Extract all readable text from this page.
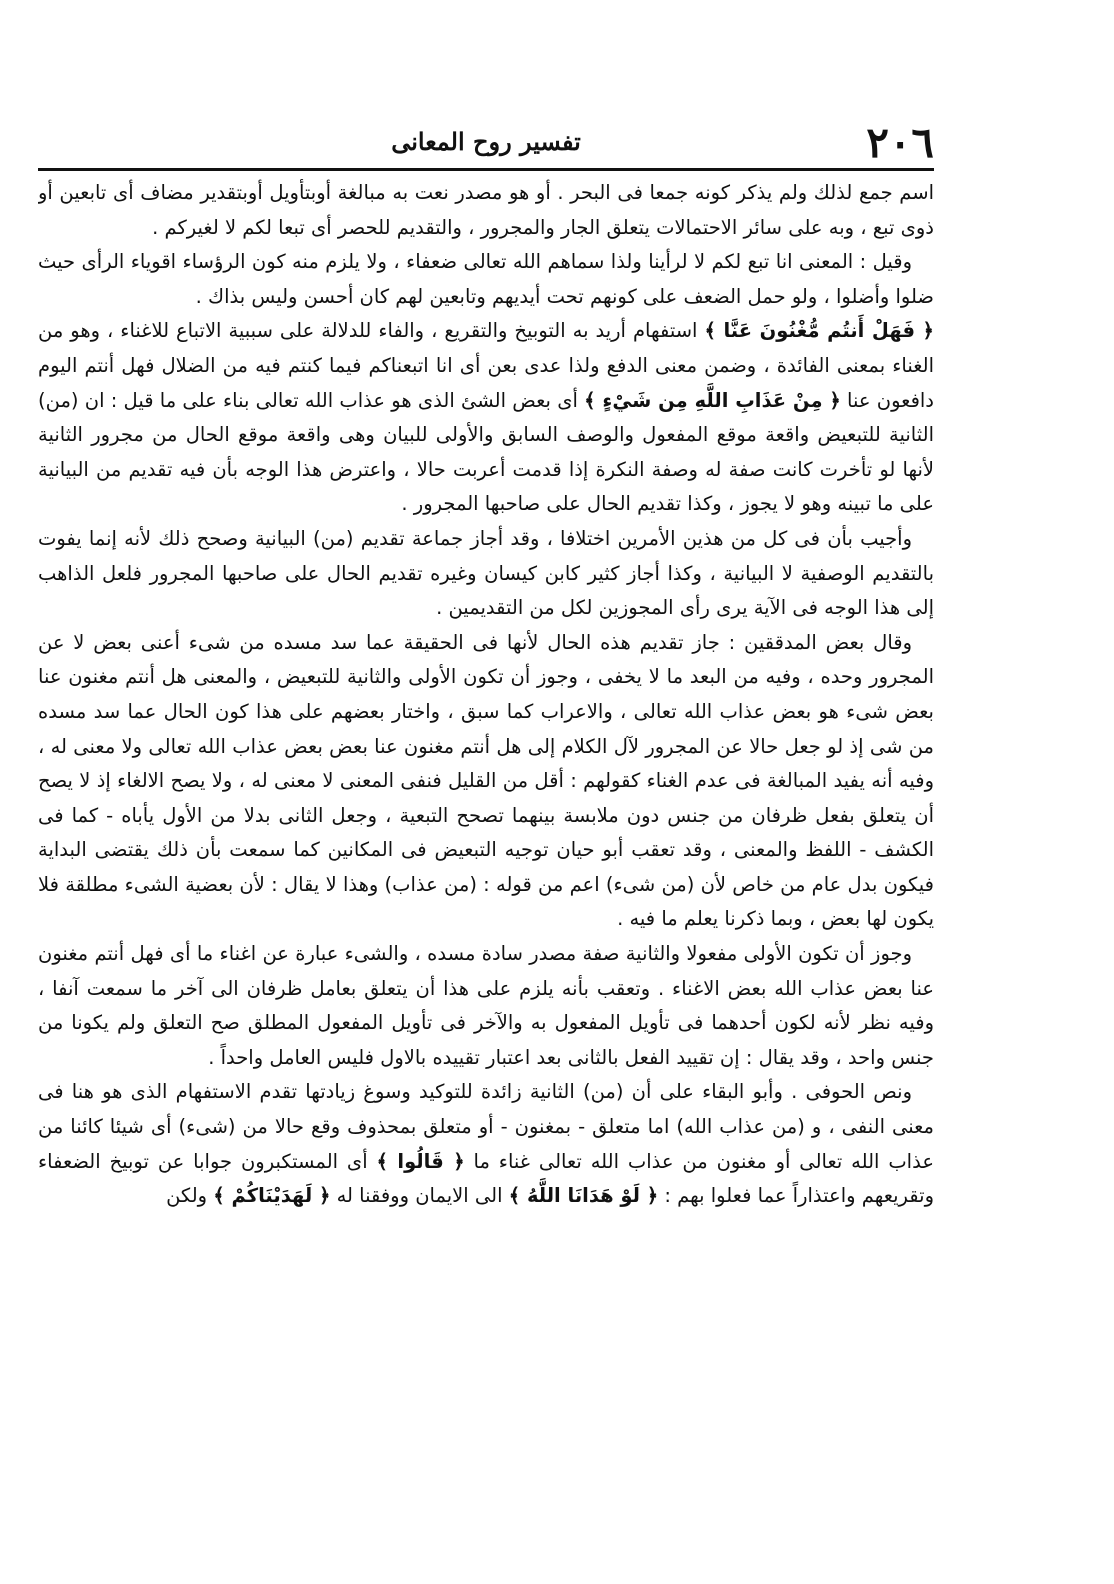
٢٠٦
تفسير روح المعانى

اسم جمع لذلك ولم يذكر كونه جمعا فى البحر . أو هو مصدر نعت به مبالغة أوبتأويل أوبتقدير مضاف أى تابعين أو ذوى تبع ، وبه على سائر الاحتمالات يتعلق الجار والمجرور ، والتقديم للحصر أى تبعا لكم لا لغيركم .

وقيل : المعنى انا تبع لكم لا لرأينا ولذا سماهم الله تعالى ضعفاء ، ولا يلزم منه كون الرؤساء اقوياء الرأى حيث ضلوا وأضلوا ، ولو حمل الضعف على كونهم تحت أيديهم وتابعين لهم كان أحسن وليس بذاك .

﴿ فَهَلْ أَنتُم مُّغْنُونَ عَنَّا ﴾ استفهام أريد به التوبيخ والتقريع ، والفاء للدلالة على سببية الاتباع للاغناء ، وهو من الغناء بمعنى الفائدة ، وضمن معنى الدفع ولذا عدى بعن أى انا اتبعناكم فيما كنتم فيه من الضلال فهل أنتم اليوم دافعون عنا ﴿ مِنْ عَذَابِ اللَّهِ مِن شَيْءٍ ﴾ أى بعض الشئ الذى هو عذاب الله تعالى بناء على ما قيل : ان (من) الثانية للتبعيض واقعة موقع المفعول والوصف السابق والأولى للبيان وهى واقعة موقع الحال من مجرور الثانية لأنها لو تأخرت كانت صفة له وصفة النكرة إذا قدمت أعربت حالا ، واعترض هذا الوجه بأن فيه تقديم من البيانية على ما تبينه وهو لا يجوز ، وكذا تقديم الحال على صاحبها المجرور .

وأجيب بأن فى كل من هذين الأمرين اختلافا ، وقد أجاز جماعة تقديم (من) البيانية وصحح ذلك لأنه إنما يفوت بالتقديم الوصفية لا البيانية ، وكذا أجاز كثير كابن كيسان وغيره تقديم الحال على صاحبها المجرور فلعل الذاهب إلى هذا الوجه فى الآية يرى رأى المجوزين لكل من التقديمين .

وقال بعض المدققين : جاز تقديم هذه الحال لأنها فى الحقيقة عما سد مسده من شىء أعنى بعض لا عن المجرور وحده ، وفيه من البعد ما لا يخفى ، وجوز أن تكون الأولى والثانية للتبعيض ، والمعنى هل أنتم مغنون عنا بعض شىء هو بعض عذاب الله تعالى ، والاعراب كما سبق ، واختار بعضهم على هذا كون الحال عما سد مسده من شى إذ لو جعل حالا عن المجرور لآل الكلام إلى هل أنتم مغنون عنا بعض بعض عذاب الله تعالى ولا معنى له ، وفيه أنه يفيد المبالغة فى عدم الغناء كقولهم : أقل من القليل فنفى المعنى لا معنى له ، ولا يصح الالغاء إذ لا يصح أن يتعلق بفعل ظرفان من جنس دون ملابسة بينهما تصحح التبعية ، وجعل الثانى بدلا من الأول يأباه - كما فى الكشف - اللفظ والمعنى ، وقد تعقب أبو حيان توجيه التبعيض فى المكانين كما سمعت بأن ذلك يقتضى البداية فيكون بدل عام من خاص لأن (من شىء) اعم من قوله : (من عذاب) وهذا لا يقال : لأن بعضية الشىء مطلقة فلا يكون لها بعض ، وبما ذكرنا يعلم ما فيه .

وجوز أن تكون الأولى مفعولا والثانية صفة مصدر سادة مسده ، والشىء عبارة عن اغناء ما أى فهل أنتم مغنون عنا بعض عذاب الله بعض الاغناء . وتعقب بأنه يلزم على هذا أن يتعلق بعامل ظرفان الى آخر ما سمعت آنفا ، وفيه نظر لأنه لكون أحدهما فى تأويل المفعول به والآخر فى تأويل المفعول المطلق صح التعلق ولم يكونا من جنس واحد ، وقد يقال : إن تقييد الفعل بالثانى بعد اعتبار تقييده بالاول فليس العامل واحداً .

ونص الحوفى . وأبو البقاء على أن (من) الثانية زائدة للتوكيد وسوغ زيادتها تقدم الاستفهام الذى هو هنا فى معنى النفى ، و (من عذاب الله) اما متعلق - بمغنون - أو متعلق بمحذوف وقع حالا من (شىء) أى شيئا كائنا من عذاب الله تعالى أو مغنون من عذاب الله تعالى غناء ما ﴿ قَالُوا ﴾ أى المستكبرون جوابا عن توبيخ الضعفاء وتقريعهم واعتذاراً عما فعلوا بهم : ﴿ لَوْ هَدَانَا اللَّهُ ﴾ الى الايمان ووفقنا له ﴿ لَهَدَيْنَاكُمْ ﴾ ولكن
